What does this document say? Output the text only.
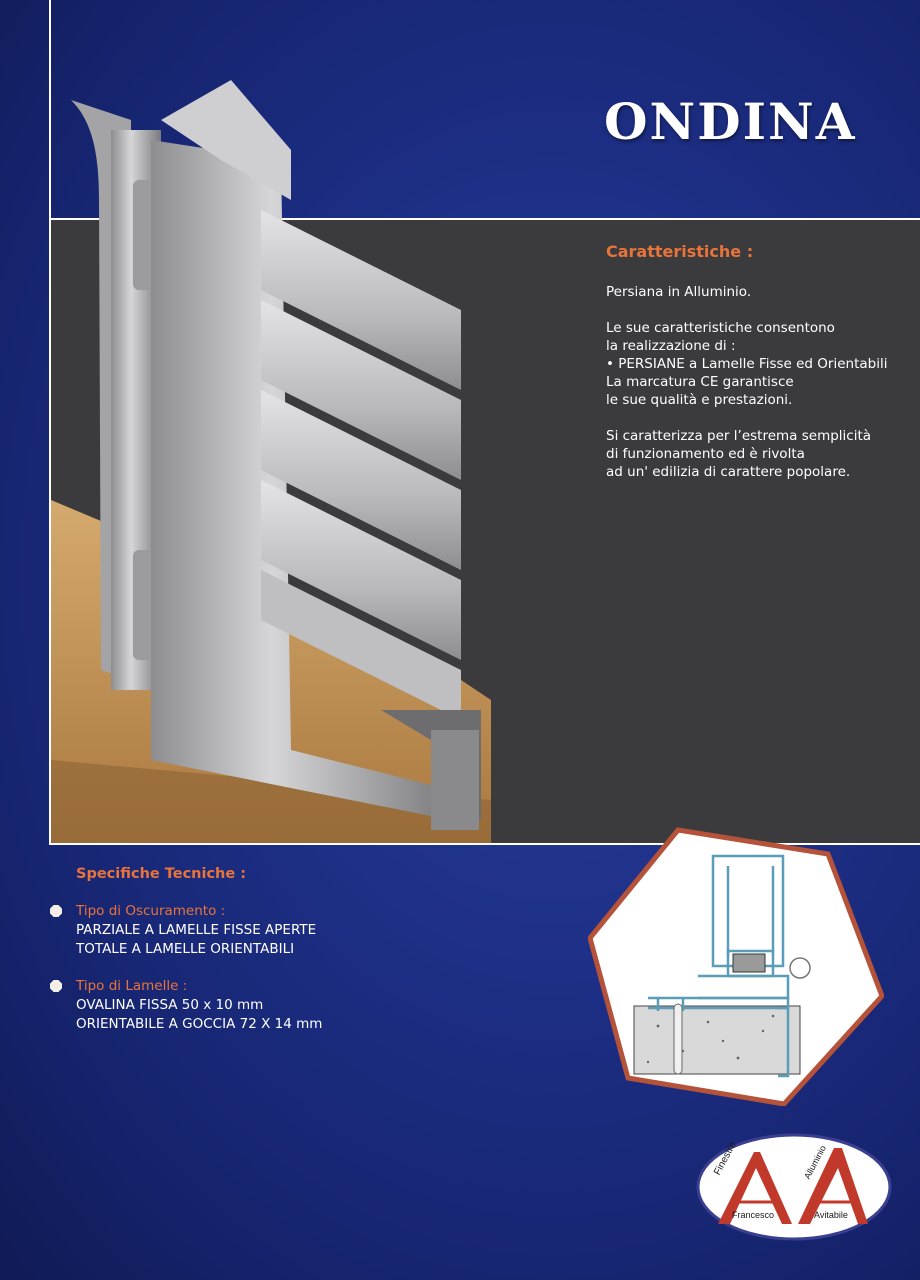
ONDINA
Caratteristiche :

Persiana in Alluminio.

Le sue caratteristiche consentono
la realizzazione di :
• PERSIANE a Lamelle Fisse ed Orientabili
La marcatura CE garantisce
le sue qualità e prestazioni.

Si caratterizza per l’estrema semplicità
di funzionamento ed è rivolta
ad un' edilizia di carattere popolare.

Specifiche Tecniche :
Tipo di Oscuramento :
PARZIALE A LAMELLE FISSE APERTE
TOTALE A LAMELLE ORIENTABILI
Tipo di Lamelle :
OVALINA FISSA 50 x 10 mm
ORIENTABILE A GOCCIA 72 X 14 mm
Finestre	Alluminio
Francesco	Avitabile
